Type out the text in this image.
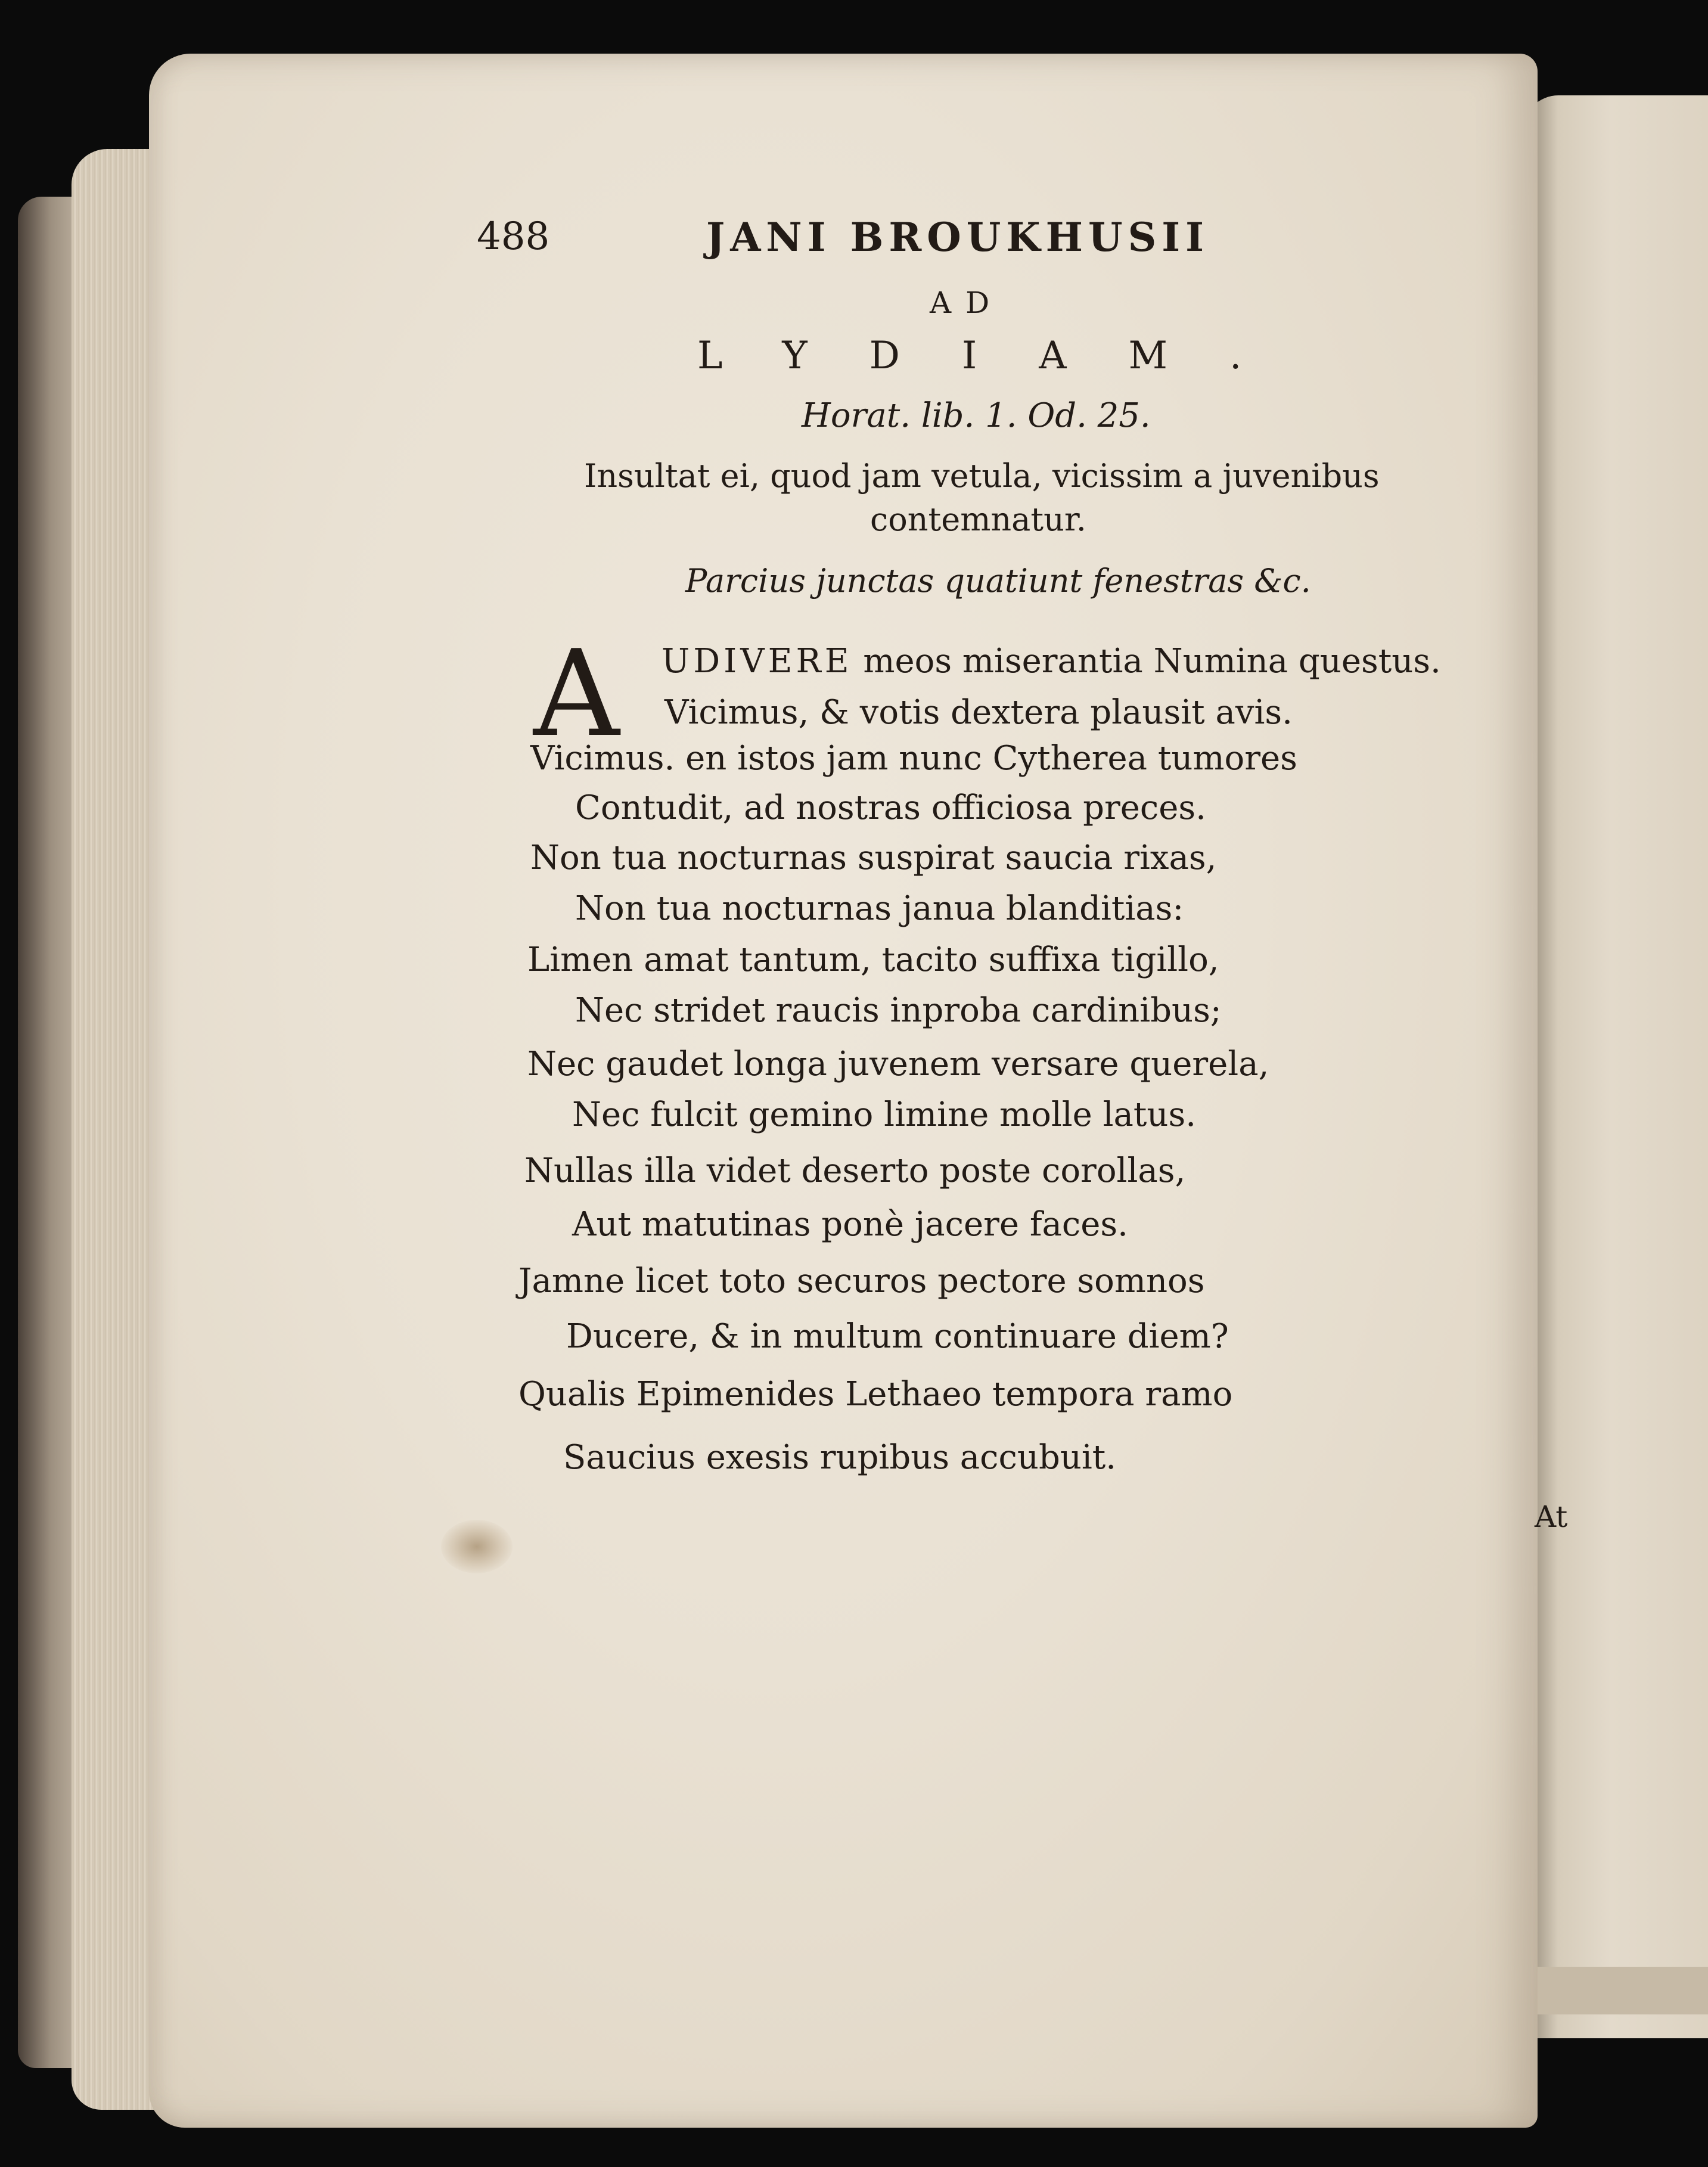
488	JANI BROUKHUSII
AD
LYDIAM.
Horat. lib. 1. Od. 25.
Insultat ei, quod jam vetula, vicissim a juvenibus
contemnatur.
Parcius junctas quatiunt fenestras &c.
A UDIVERE meos miserantia Numina questus.
Vicimus, & votis dextera plausit avis.
Vicimus. en istos jam nunc Cytherea tumores
Contudit, ad nostras officiosa preces.
Non tua nocturnas suspirat saucia rixas,
Non tua nocturnas janua blanditias:
Limen amat tantum, tacito suffixa tigillo,
Nec stridet raucis inproba cardinibus;
Nec gaudet longa juvenem versare querela,
Nec fulcit gemino limine molle latus.
Nullas illa videt deserto poste corollas,
Aut matutinas ponè jacere faces.
Jamne licet toto securos pectore somnos
Ducere, & in multum continuare diem?
Qualis Epimenides Lethaeo tempora ramo
Saucius exesis rupibus accubuit.
At
